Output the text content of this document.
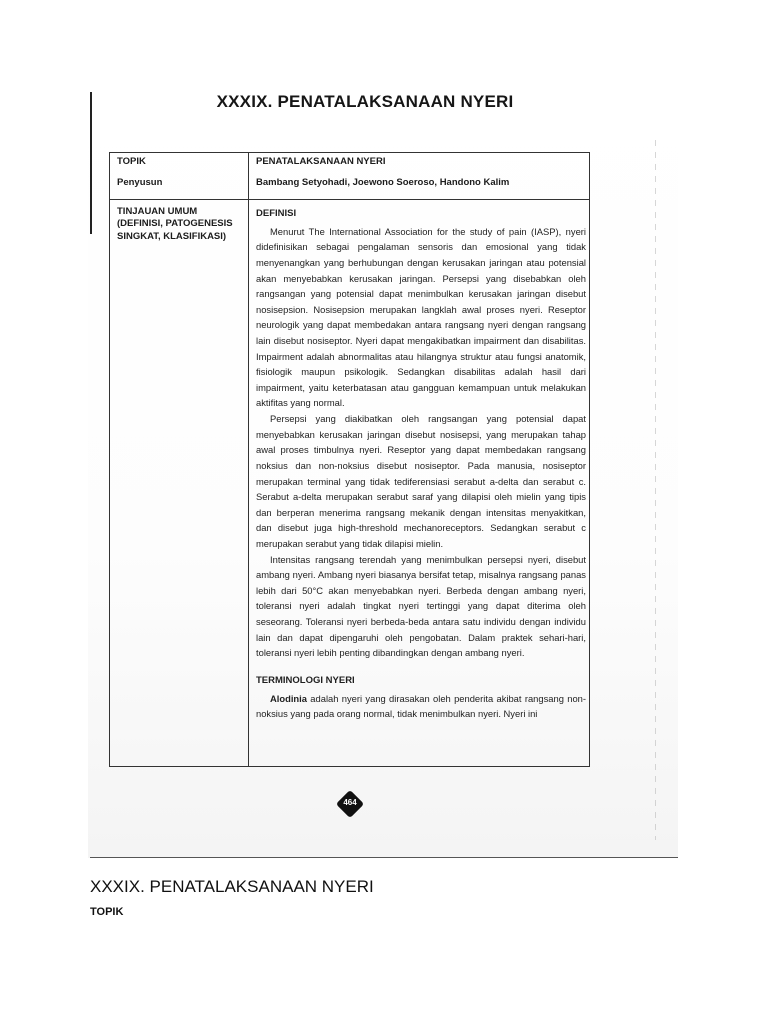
XXXIX. PENATALAKSANAAN NYERI
TOPIK
Penyusun
TINJAUAN UMUM (DEFINISI, PATOGENESIS SINGKAT, KLASIFIKASI)
PENATALAKSANAAN NYERI
Bambang Setyohadi, Joewono Soeroso, Handono Kalim
DEFINISI

Menurut The International Association for the study of pain (IASP), nyeri didefinisikan sebagai pengalaman sensoris dan emosional yang tidak menyenangkan yang berhubungan dengan kerusakan jaringan atau potensial akan menyebabkan kerusakan jaringan. Persepsi yang disebabkan oleh rangsangan yang potensial dapat menimbulkan kerusakan jaringan disebut nosisepsion. Nosisepsion merupakan langklah awal proses nyeri. Reseptor neurologik yang dapat membedakan antara rangsang nyeri dengan rangsang lain disebut nosiseptor. Nyeri dapat mengakibatkan impairment dan disabilitas. Impairment adalah abnormalitas atau hilangnya struktur atau fungsi anatomik, fisiologik maupun psikologik. Sedangkan disabilitas adalah hasil dari impairment, yaitu keterbatasan atau gangguan kemampuan untuk melakukan aktifitas yang normal.

Persepsi yang diakibatkan oleh rangsangan yang potensial dapat menyebabkan kerusakan jaringan disebut nosisepsi, yang merupakan tahap awal proses timbulnya nyeri. Reseptor yang dapat membedakan rangsang noksius dan non-noksius disebut nosiseptor. Pada manusia, nosiseptor merupakan terminal yang tidak tediferensiasi serabut a-delta dan serabut c. Serabut a-delta merupakan serabut saraf yang dilapisi oleh mielin yang tipis dan berperan menerima rangsang mekanik dengan intensitas menyakitkan, dan disebut juga high-threshold mechanoreceptors. Sedangkan serabut c merupakan serabut yang tidak dilapisi mielin.

Intensitas rangsang terendah yang menimbulkan persepsi nyeri, disebut ambang nyeri. Ambang nyeri biasanya bersifat tetap, misalnya rangsang panas lebih dari 50°C akan menyebabkan nyeri. Berbeda dengan ambang nyeri, toleransi nyeri adalah tingkat nyeri tertinggi yang dapat diterima oleh seseorang. Toleransi nyeri berbeda-beda antara satu individu dengan individu lain dan dapat dipengaruhi oleh pengobatan. Dalam praktek sehari-hari, toleransi nyeri lebih penting dibandingkan dengan ambang nyeri.

TERMINOLOGI NYERI

Alodinia adalah nyeri yang dirasakan oleh penderita akibat rangsang non-noksius yang pada orang normal, tidak menimbulkan nyeri. Nyeri ini

464
XXXIX. PENATALAKSANAAN NYERI
TOPIK
